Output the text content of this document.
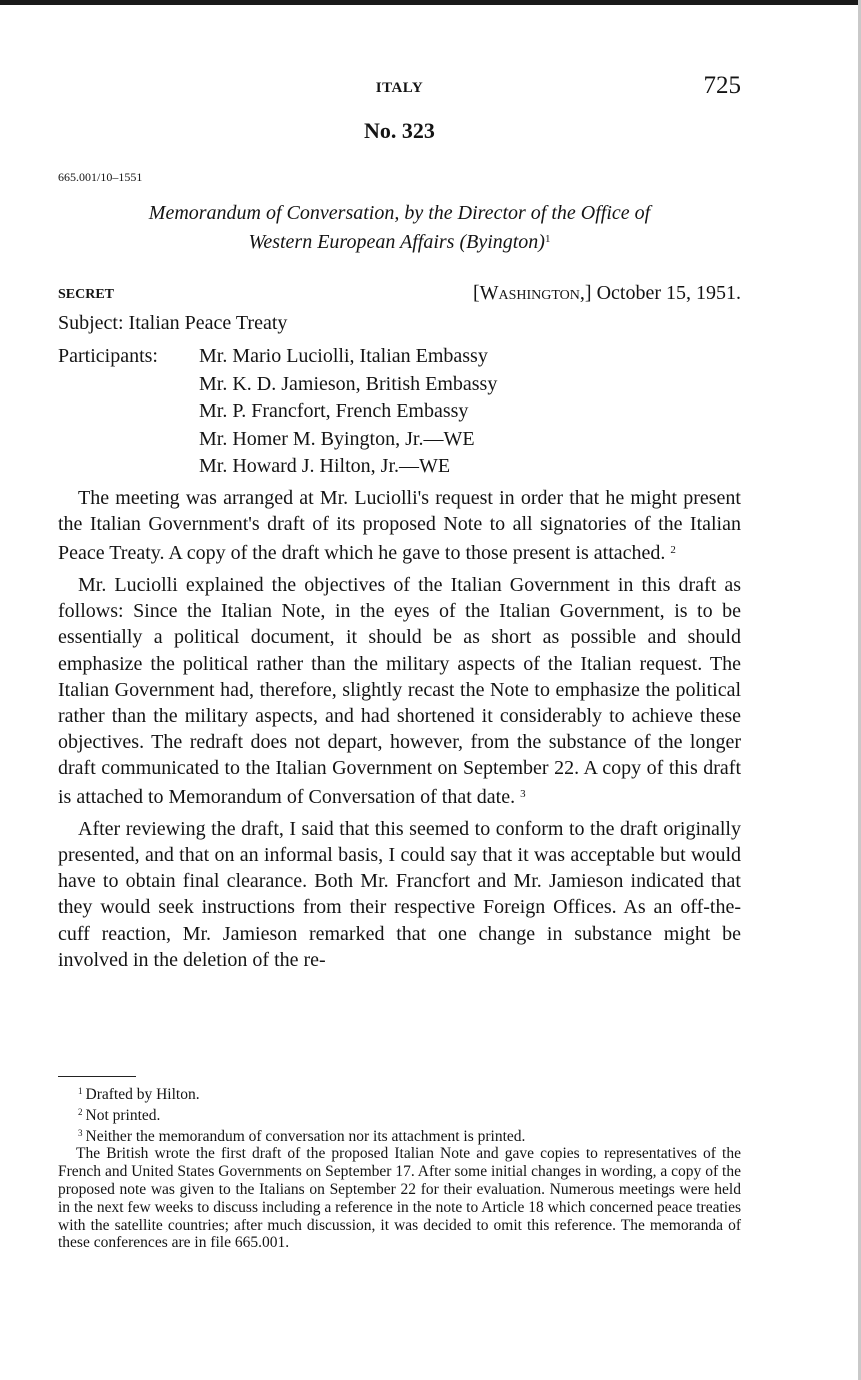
ITALY	725
No. 323
665.001/10–1551
Memorandum of Conversation, by the Director of the Office of
Western European Affairs (Byington)$^1$
SECRET	[Washington,] October 15, 1951.
Subject: Italian Peace Treaty
Participants: Mr. Mario Luciolli, Italian Embassy
Mr. K. D. Jamieson, British Embassy
Mr. P. Francfort, French Embassy
Mr. Homer M. Byington, Jr.—WE
Mr. Howard J. Hilton, Jr.—WE

The meeting was arranged at Mr. Luciolli's request in order that he might present the Italian Government's draft of its proposed Note to all signatories of the Italian Peace Treaty. A copy of the draft which he gave to those present is attached. $^2$

Mr. Luciolli explained the objectives of the Italian Government in this draft as follows: Since the Italian Note, in the eyes of the Italian Government, is to be essentially a political document, it should be as short as possible and should emphasize the political rather than the military aspects of the Italian request. The Italian Government had, therefore, slightly recast the Note to emphasize the political rather than the military aspects, and had shortened it considerably to achieve these objectives. The redraft does not depart, however, from the substance of the longer draft communicated to the Italian Government on September 22. A copy of this draft is attached to Memorandum of Conversation of that date. $^3$

After reviewing the draft, I said that this seemed to conform to the draft originally presented, and that on an informal basis, I could say that it was acceptable but would have to obtain final clearance. Both Mr. Francfort and Mr. Jamieson indicated that they would seek instructions from their respective Foreign Offices. As an off-the-cuff reaction, Mr. Jamieson remarked that one change in substance might be involved in the deletion of the re-

$^1$ Drafted by Hilton.

$^2$ Not printed.

$^3$ Neither the memorandum of conversation nor its attachment is printed.

The British wrote the first draft of the proposed Italian Note and gave copies to representatives of the French and United States Governments on September 17. After some initial changes in wording, a copy of the proposed note was given to the Italians on September 22 for their evaluation. Numerous meetings were held in the next few weeks to discuss including a reference in the note to Article 18 which concerned peace treaties with the satellite countries; after much discussion, it was decided to omit this reference. The memoranda of these conferences are in file 665.001.
